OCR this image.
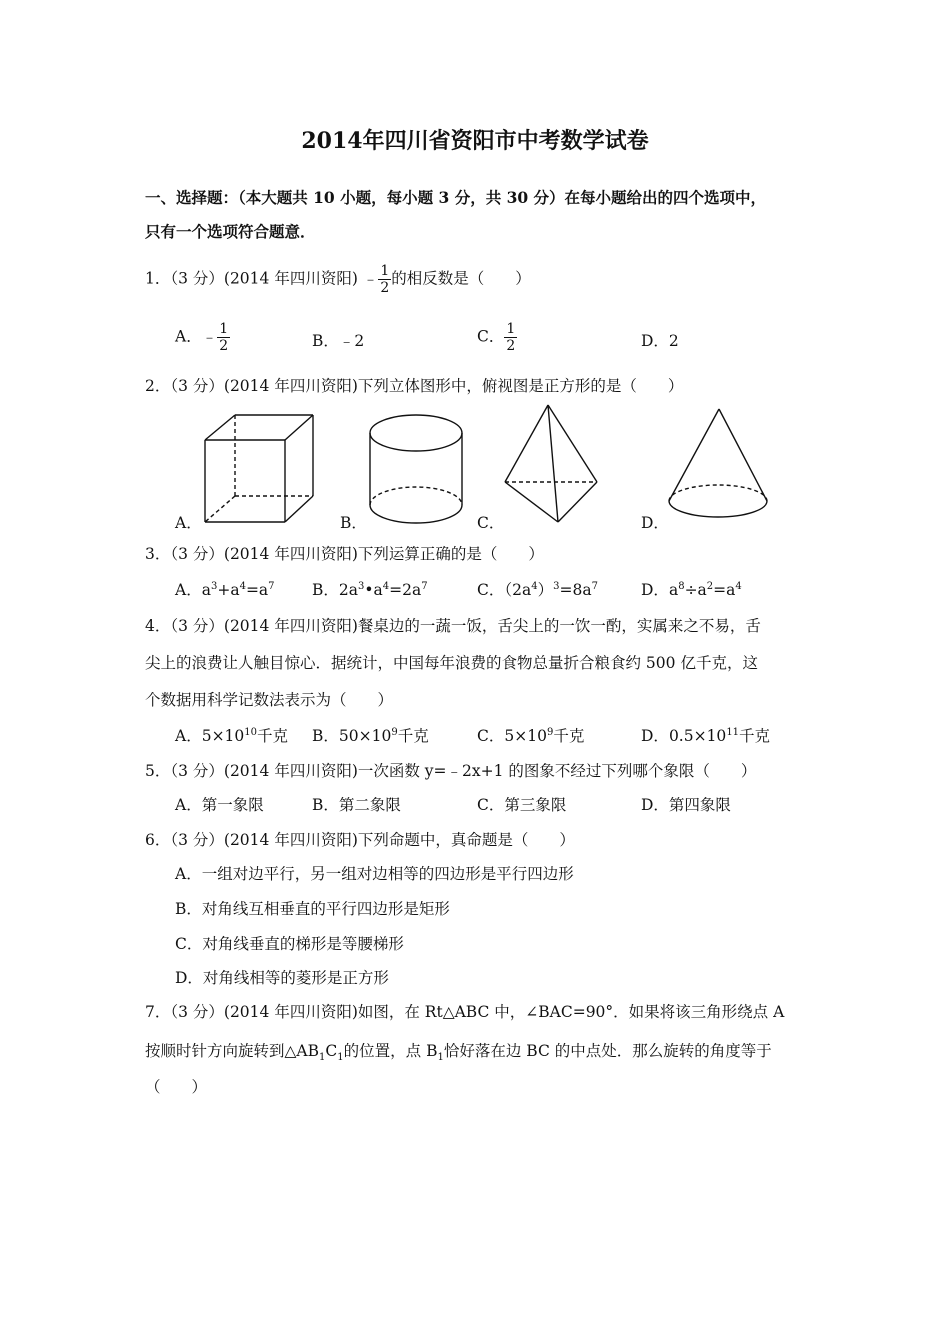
2014年四川省资阳市中考数学试卷
一、选择题：（本大题共 10 小题，每小题 3 分，共 30 分）在每小题给出的四个选项中，
只有一个选项符合题意．
1．（3 分）(2014 年四川资阳) ﹣ $\frac{1}{2}$ 的相反数是（　　）
A．﹣ $\frac{1}{2}$	B．﹣2	C． $\frac{1}{2}$	D．2
2．（3 分）(2014 年四川资阳)下列立体图形中，俯视图是正方形的是（　　）
A．	B．	C．	D．
3．（3 分）(2014 年四川资阳)下列运算正确的是（　　）
A．$a^3+a^4=a^7$ B．$2a^3•a^4=2a^7$	C．$(2a^4)^3=8a^7$	D．$a^8\div a^2=a^4$
4．（3 分）(2014 年四川资阳)餐桌边的一蔬一饭，舌尖上的一饮一酌，实属来之不易，舌
尖上的浪费让人触目惊心．据统计，中国每年浪费的食物总量折合粮食约 500 亿千克，这
个数据用科学记数法表示为（　　）
A．$5\times 10^{10}$千克 B．$50\times 10^9$千克	C．$5\times 10^9$千克	D．$0.5\times 10^{11}$千克
5．（3 分）(2014 年四川资阳)一次函数 y=﹣2x+1 的图象不经过下列哪个象限（　　）
A．第一象限	B．第二象限	C．第三象限	D．第四象限
6．（3 分）(2014 年四川资阳)下列命题中，真命题是（　　）
A．一组对边平行，另一组对边相等的四边形是平行四边形
B．对角线互相垂直的平行四边形是矩形
C．对角线垂直的梯形是等腰梯形
D．对角线相等的菱形是正方形
7．（3 分）(2014 年四川资阳)如图，在 Rt△ABC 中，∠BAC=90°．如果将该三角形绕点 A
按顺时针方向旋转到$\triangle AB_1C_1$的位置，点 $B_1$恰好落在边 BC 的中点处．那么旋转的角度等于
（　　）
